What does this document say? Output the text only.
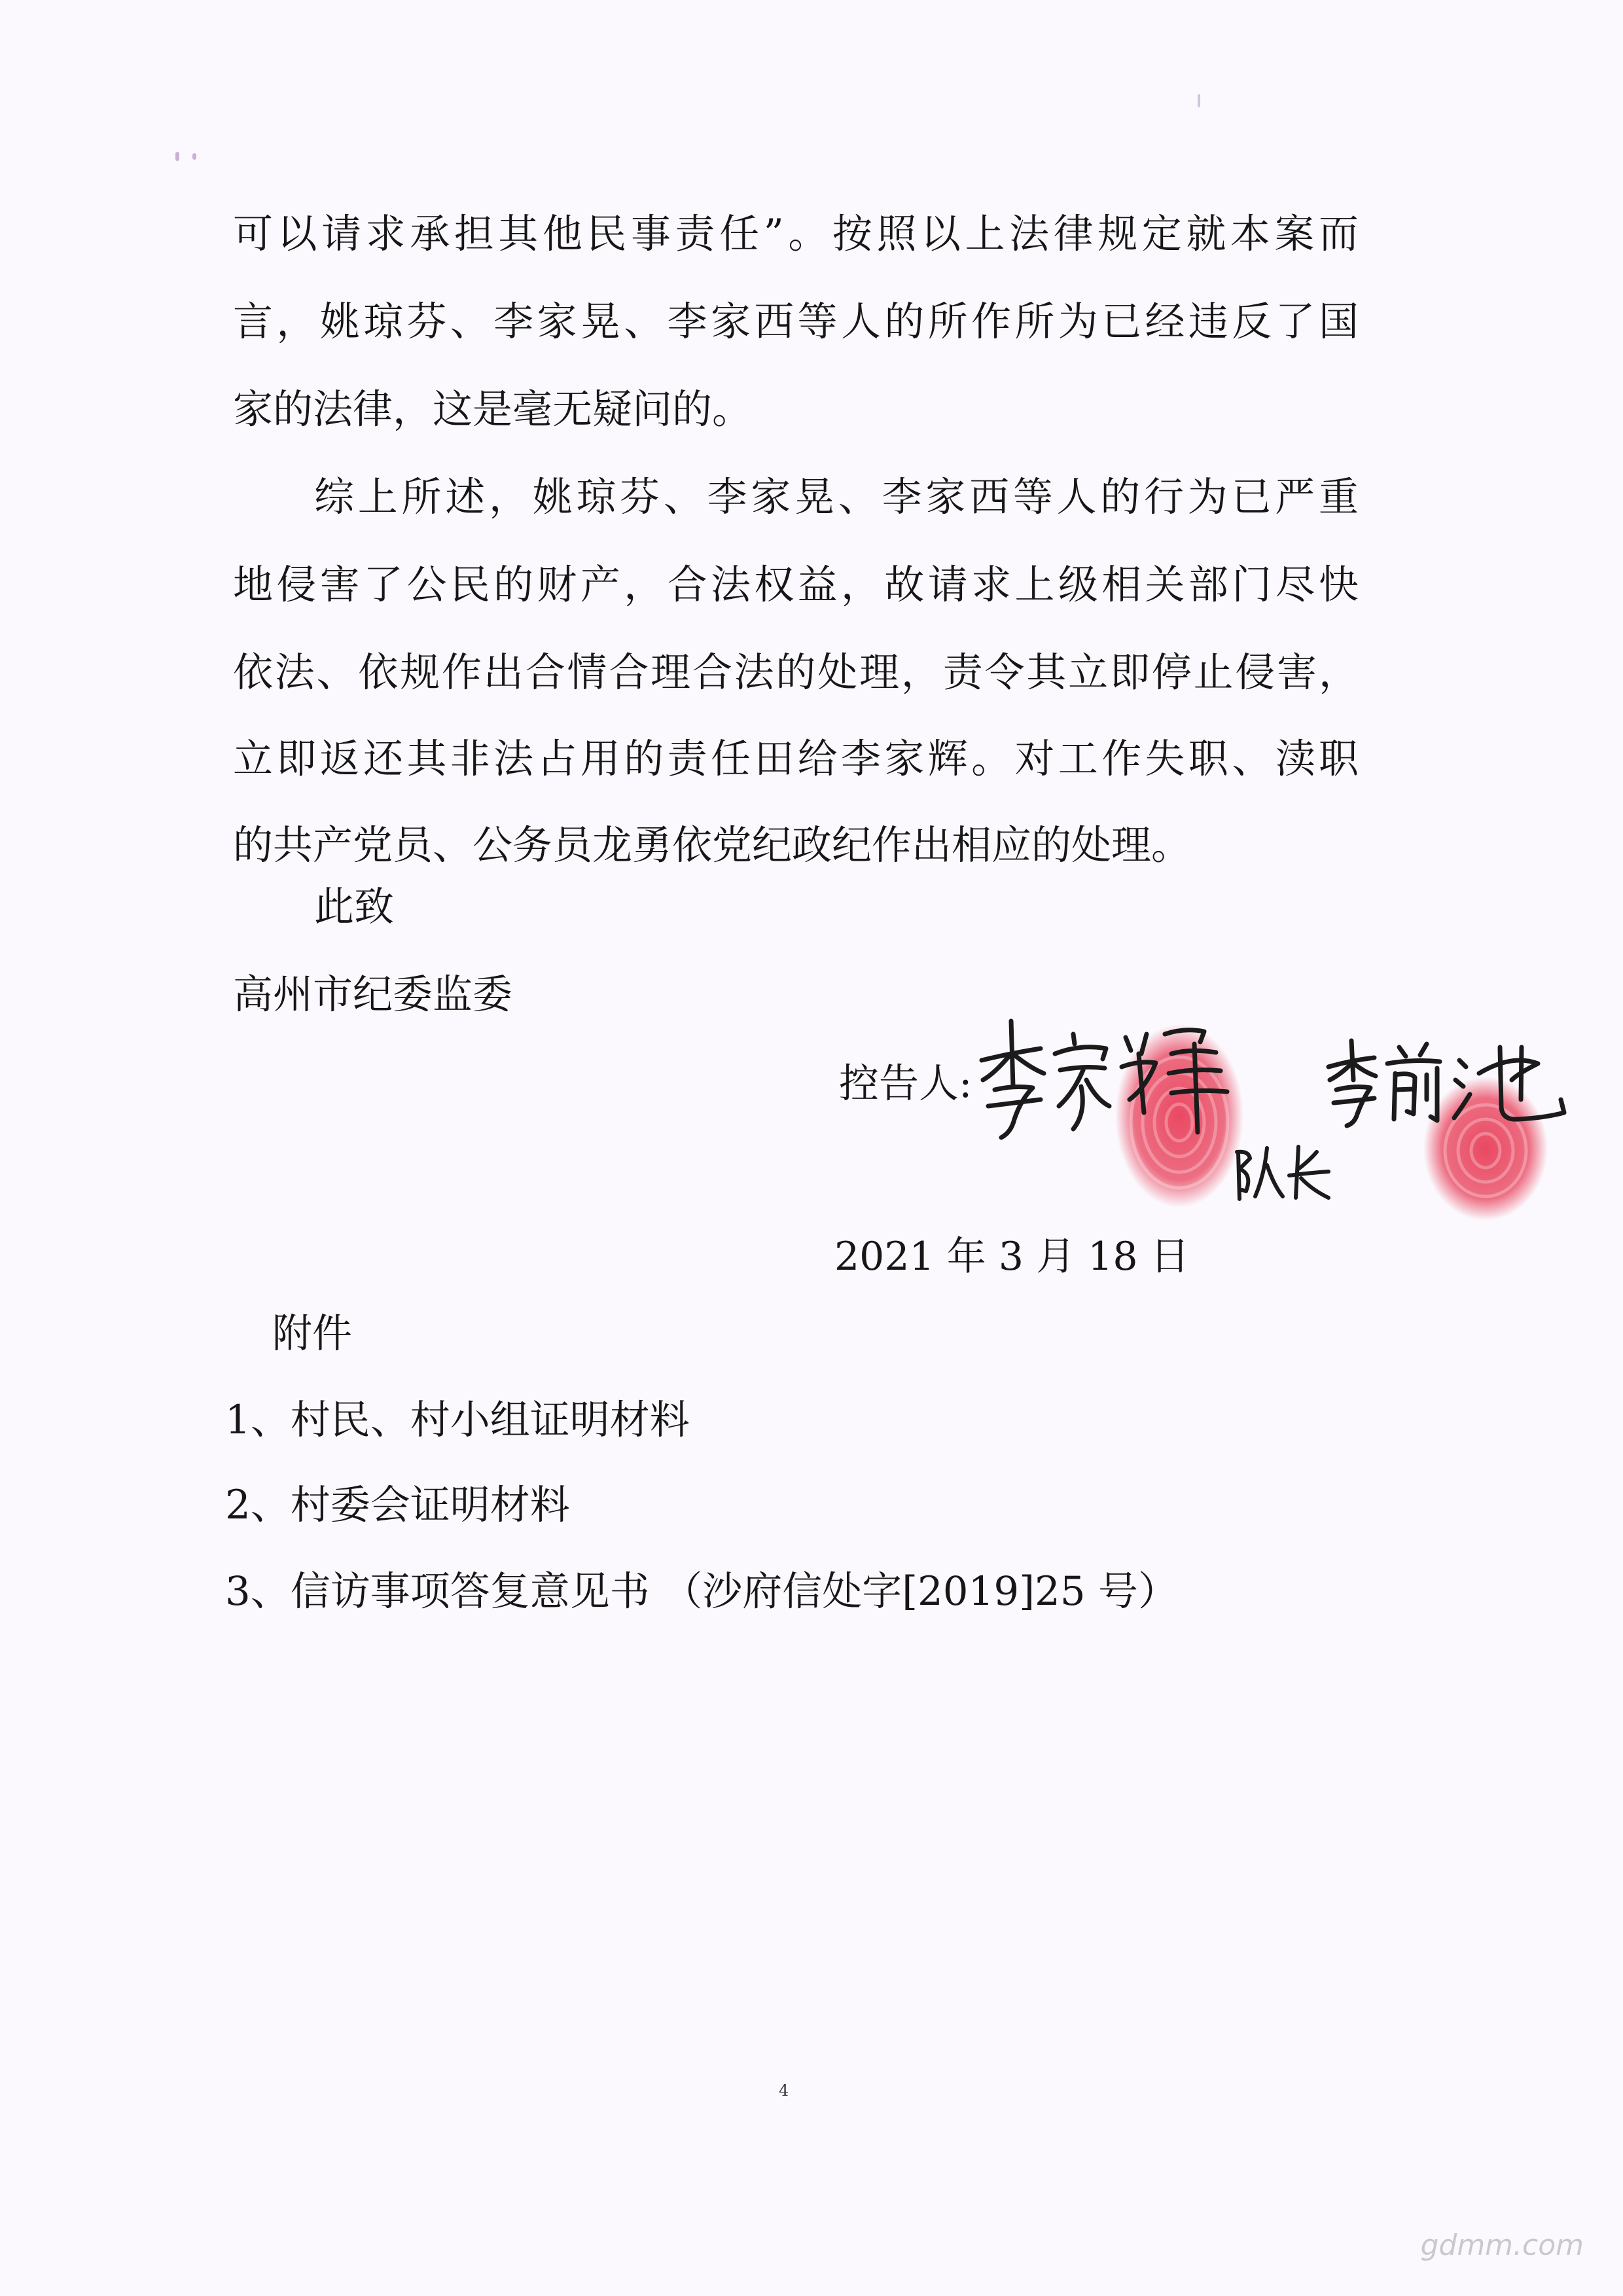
可以请求承担其他民事责任”。按照以上法律规定就本案而
言，姚琼芬、李家晃、李家西等人的所作所为已经违反了国
家的法律，这是毫无疑问的。
综上所述，姚琼芬、李家晃、李家西等人的行为已严重
地侵害了公民的财产，合法权益，故请求上级相关部门尽快
依法、依规作出合情合理合法的处理，责令其立即停止侵害，
立即返还其非法占用的责任田给李家辉。对工作失职、渎职
的共产党员、公务员龙勇依党纪政纪作出相应的处理。
此致
高州市纪委监委
控告人:
2021 年 3 月 18 日
附件
1、村民、村小组证明材料
2、村委会证明材料
3、信访事项答复意见书 （沙府信处字[2019]25 号）
4
gdmm.com
